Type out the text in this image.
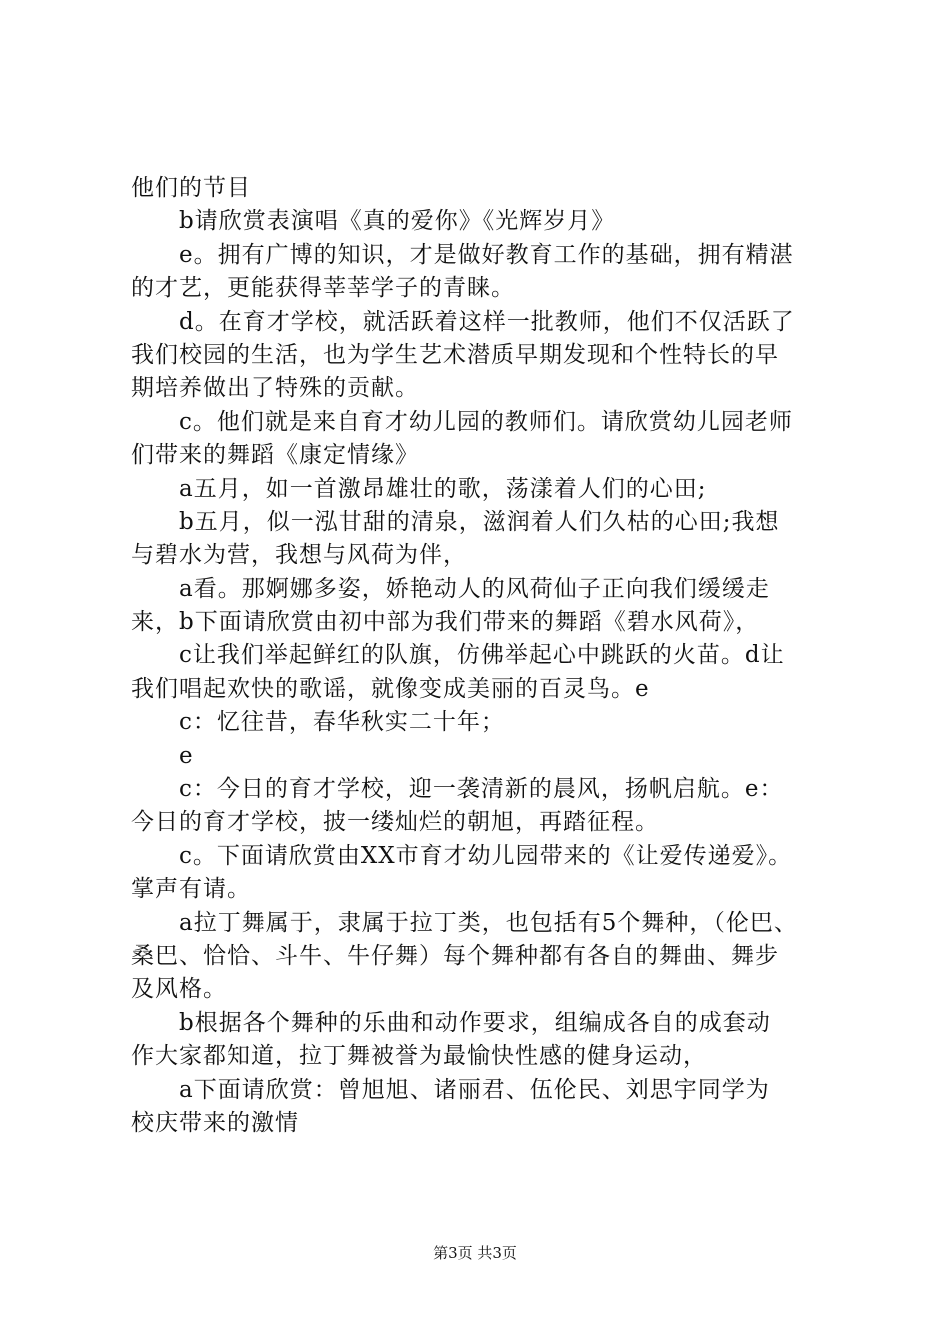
他们的节目
　　b请欣赏表演唱《真的爱你》《光辉岁月》
　　e。拥有广博的知识，才是做好教育工作的基础，拥有精湛
的才艺，更能获得莘莘学子的青睐。
　　d。在育才学校，就活跃着这样一批教师，他们不仅活跃了
我们校园的生活，也为学生艺术潜质早期发现和个性特长的早
期培养做出了特殊的贡献。
　　c。他们就是来自育才幼儿园的教师们。请欣赏幼儿园老师
们带来的舞蹈《康定情缘》
　　a五月，如一首激昂雄壮的歌，荡漾着人们的心田;
　　b五月，似一泓甘甜的清泉，滋润着人们久枯的心田;我想
与碧水为营，我想与风荷为伴，
　　a看。那婀娜多姿，娇艳动人的风荷仙子正向我们缓缓走
来，b下面请欣赏由初中部为我们带来的舞蹈《碧水风荷》，
　　c让我们举起鲜红的队旗，仿佛举起心中跳跃的火苗。d让
我们唱起欢快的歌谣，就像变成美丽的百灵鸟。e
　　c：忆往昔，春华秋实二十年；
　　e
　　c：今日的育才学校，迎一袭清新的晨风，扬帆启航。e：
今日的育才学校，披一缕灿烂的朝旭，再踏征程。
　　c。下面请欣赏由XX市育才幼儿园带来的《让爱传递爱》。
掌声有请。
　　a拉丁舞属于，隶属于拉丁类，也包括有5个舞种，（伦巴、
桑巴、恰恰、斗牛、牛仔舞）每个舞种都有各自的舞曲、舞步
及风格。
　　b根据各个舞种的乐曲和动作要求，组编成各自的成套动
作大家都知道，拉丁舞被誉为最愉快性感的健身运动，
　　a下面请欣赏：曾旭旭、诸丽君、伍伦民、刘思宇同学为
校庆带来的激情
第3页 共3页
